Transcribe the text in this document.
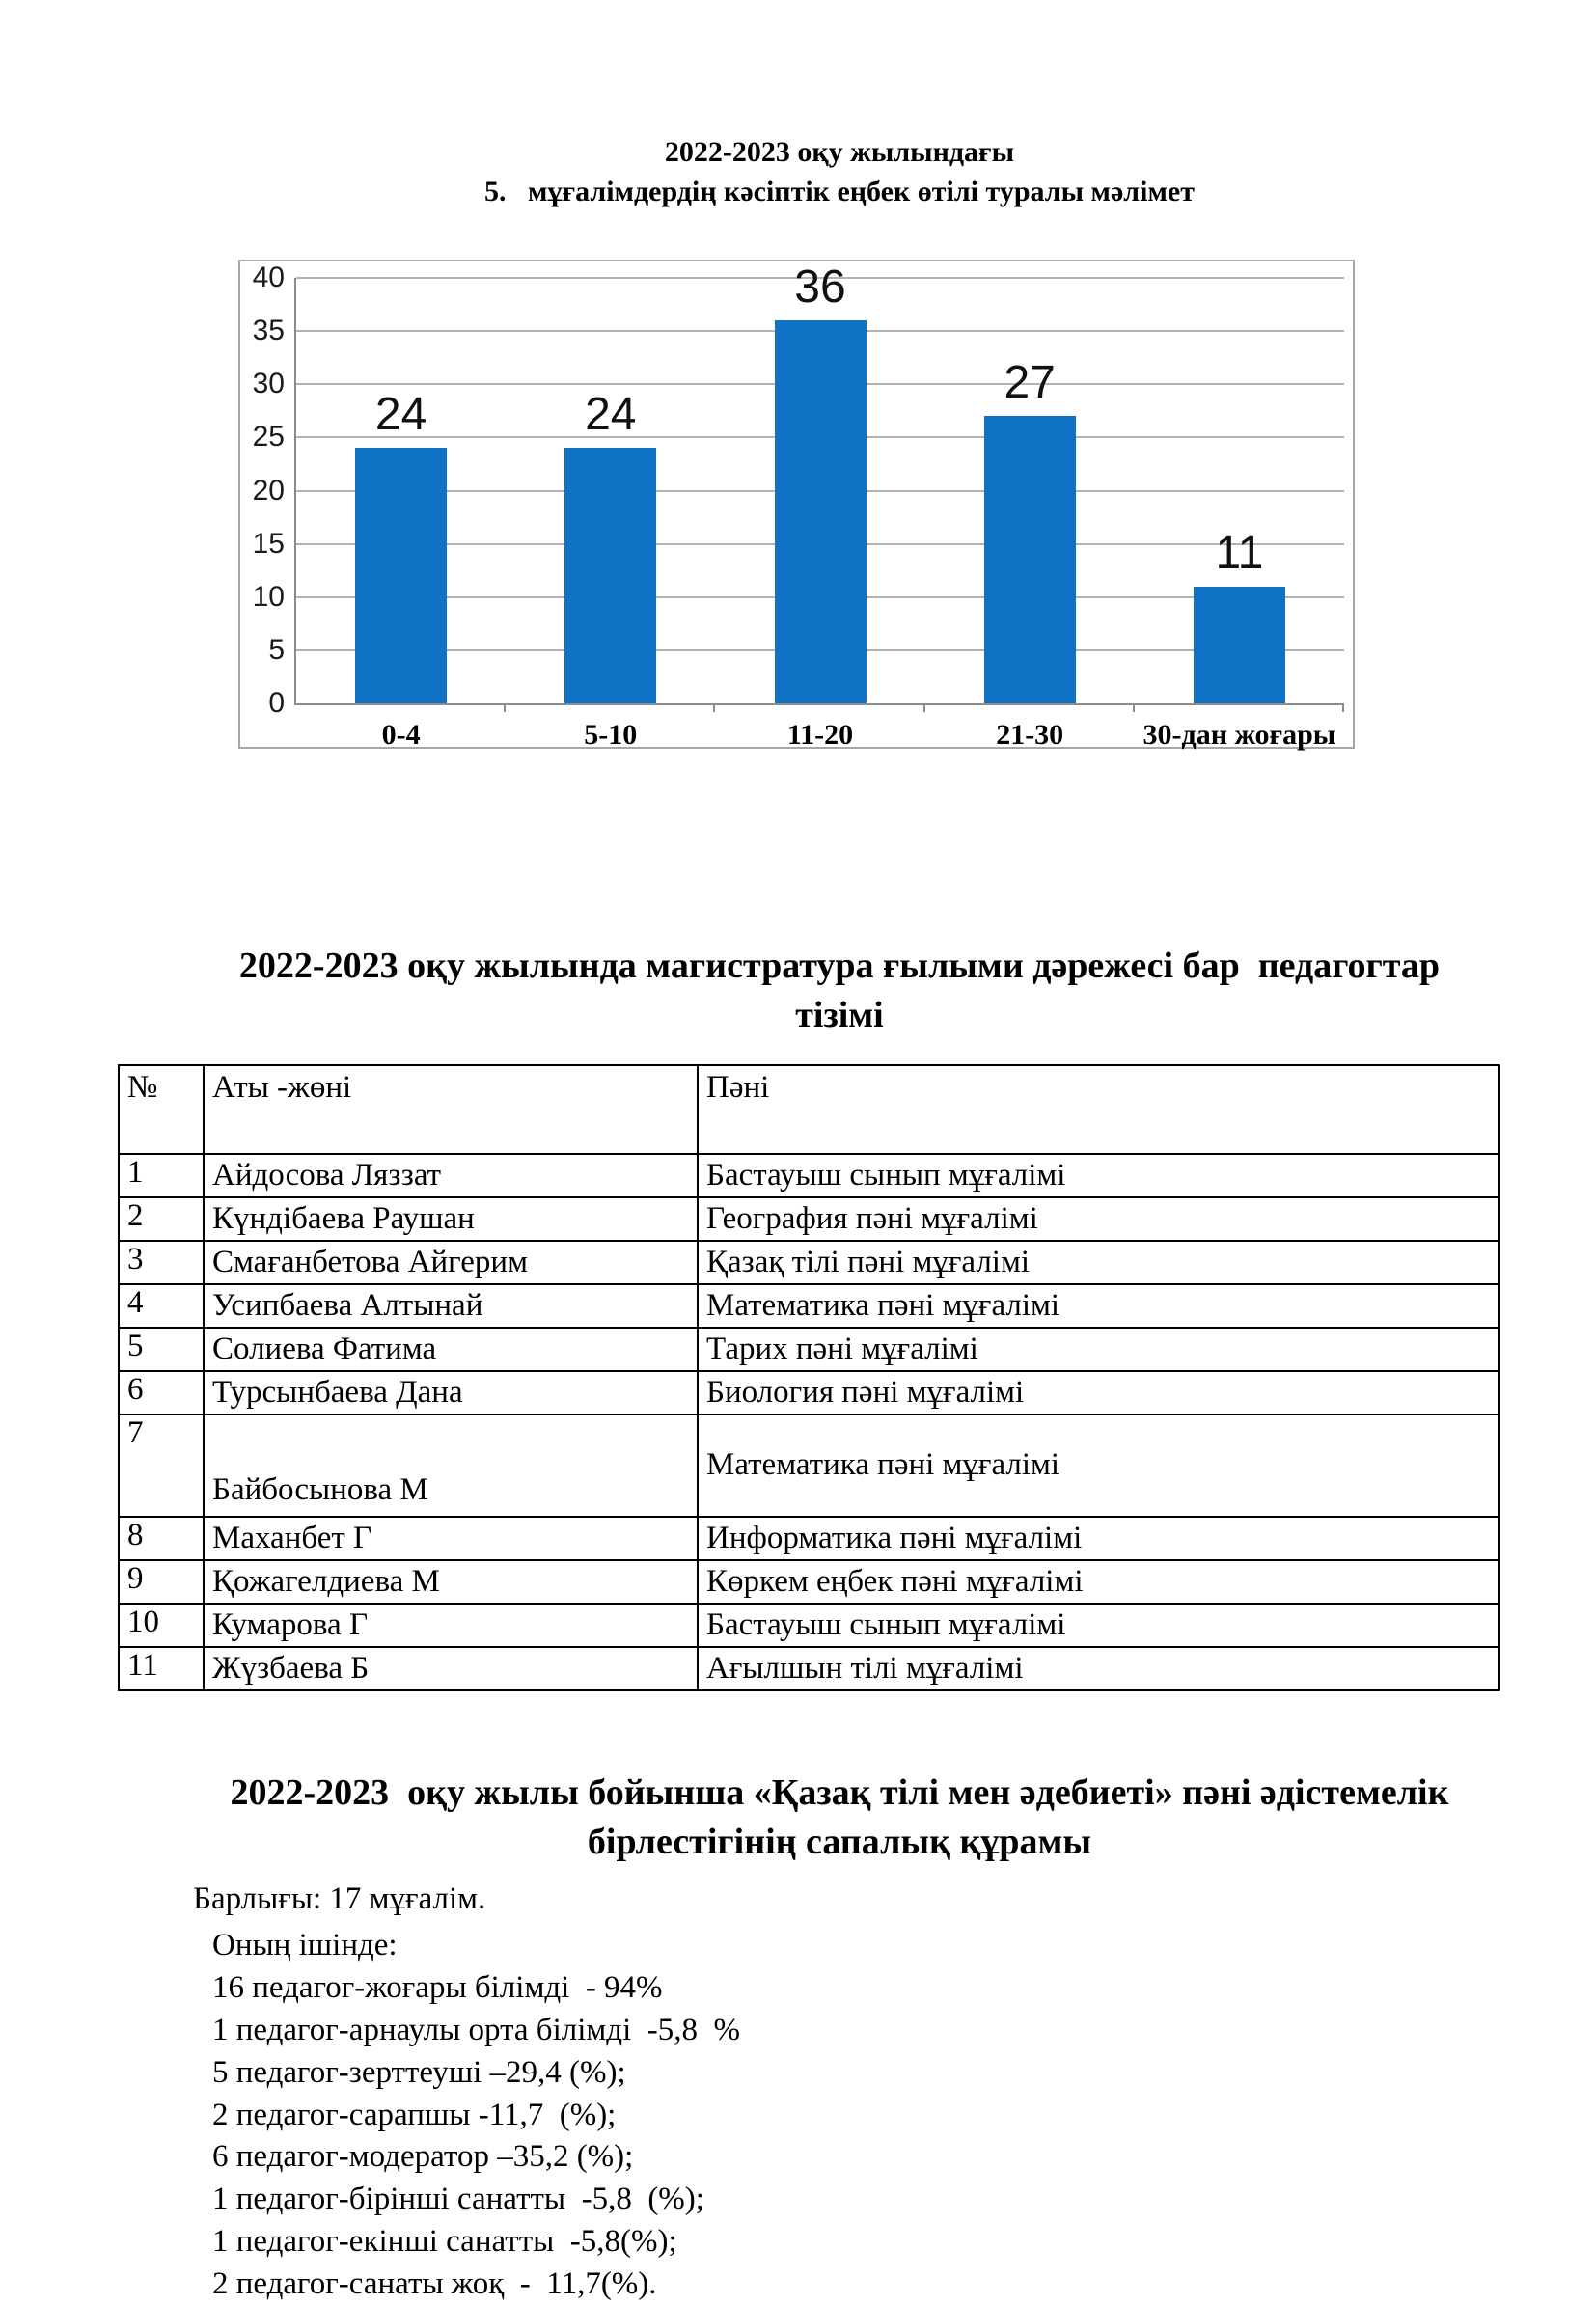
2022-2023 оқу жылындағы
5.   мұғалімдердің кәсіптік еңбек өтілі туралы мәлімет
0
5
10
15
20
25
30
35
40
24
0-4
24
5-10
36
11-20
27
21-30
11
30-дан жоғары
2022-2023 оқу жылында магистратура ғылыми дәрежесі бар  педагогтар
тізімі
№	Аты -жөні	Пәні
1	Айдосова Ляззат	Бастауыш сынып мұғалімі
2	Күндібаева Раушан	География пәні мұғалімі
3	Смағанбетова Айгерим	Қазақ тілі пәні мұғалімі
4	Усипбаева Алтынай	Математика пәні мұғалімі
5	Солиева Фатима	Тарих пәні мұғалімі
6	Турсынбаева Дана	Биология пәні мұғалімі
7	Байбосынова М	Математика пәні мұғалімі
8	Маханбет Г	Информатика пәні мұғалімі
9	Қожагелдиева М	Көркем еңбек пәні мұғалімі
10	Кумарова Г	Бастауыш сынып мұғалімі
11	Жүзбаева Б	Ағылшын тілі мұғалімі
2022-2023  оқу жылы бойынша «Қазақ тілі мен әдебиеті» пәні әдістемелік
бірлестігінің сапалық құрамы
Барлығы: 17 мұғалім.
Оның ішінде:
16 педагог-жоғары білімді  - 94%
1 педагог-арнаулы орта білімді  -5,8  %
5 педагог-зерттеуші –29,4 (%);
2 педагог-сарапшы -11,7  (%);
6 педагог-модератор –35,2 (%);
1 педагог-бірінші санатты  -5,8  (%);
1 педагог-екінші санатты  -5,8(%);
2 педагог-санаты жоқ  -  11,7(%).
